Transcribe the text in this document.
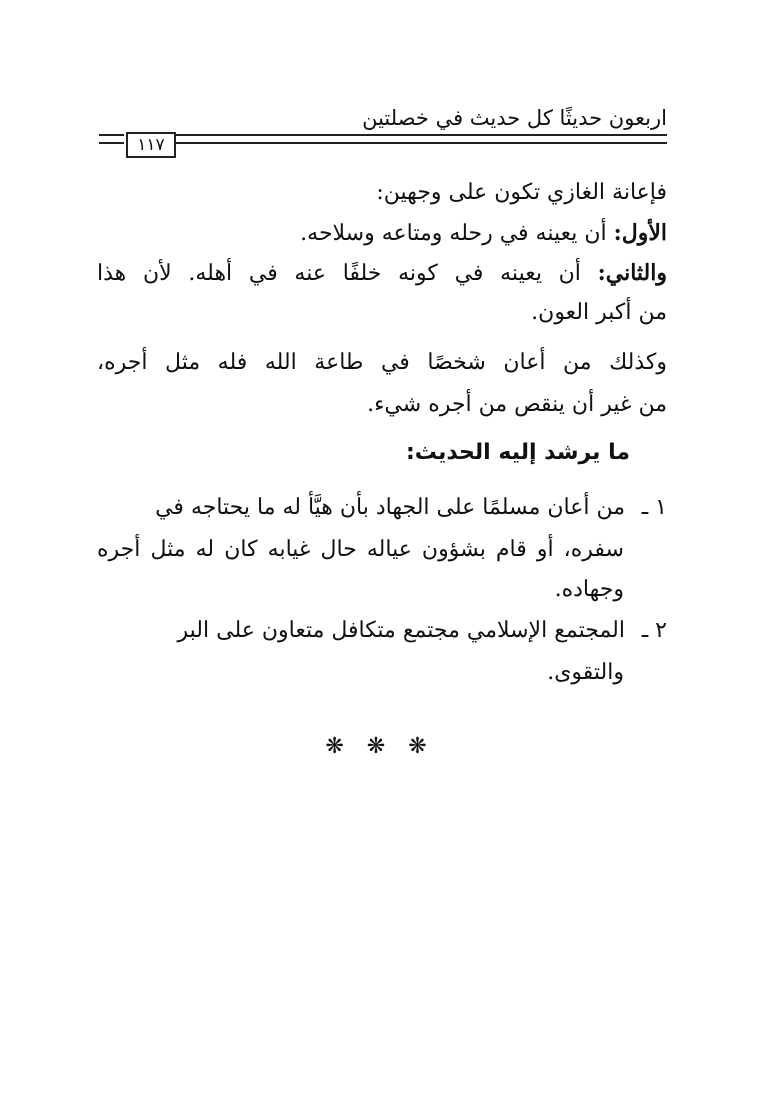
اربعون حديثًا كل حديث في خصلتين
١١٧
فإعانة الغازي تكون على وجهين:
الأول: أن يعينه في رحله ومتاعه وسلاحه.
والثاني: أن يعينه في كونه خلفًا عنه في أهله. لأن هذا
من أكبر العون.
وكذلك من أعان شخصًا في طاعة الله فله مثل أجره،
من غير أن ينقص من أجره شيء.
ما يرشد إليه الحديث:
١ ـمن أعان مسلمًا على الجهاد بأن هيَّأ له ما يحتاجه في
سفره، أو قام بشؤون عياله حال غيابه كان له مثل أجره
وجهاده.
٢ ـالمجتمع الإسلامي مجتمع متكافل متعاون على البر
والتقوى.
❋ ❋ ❋
